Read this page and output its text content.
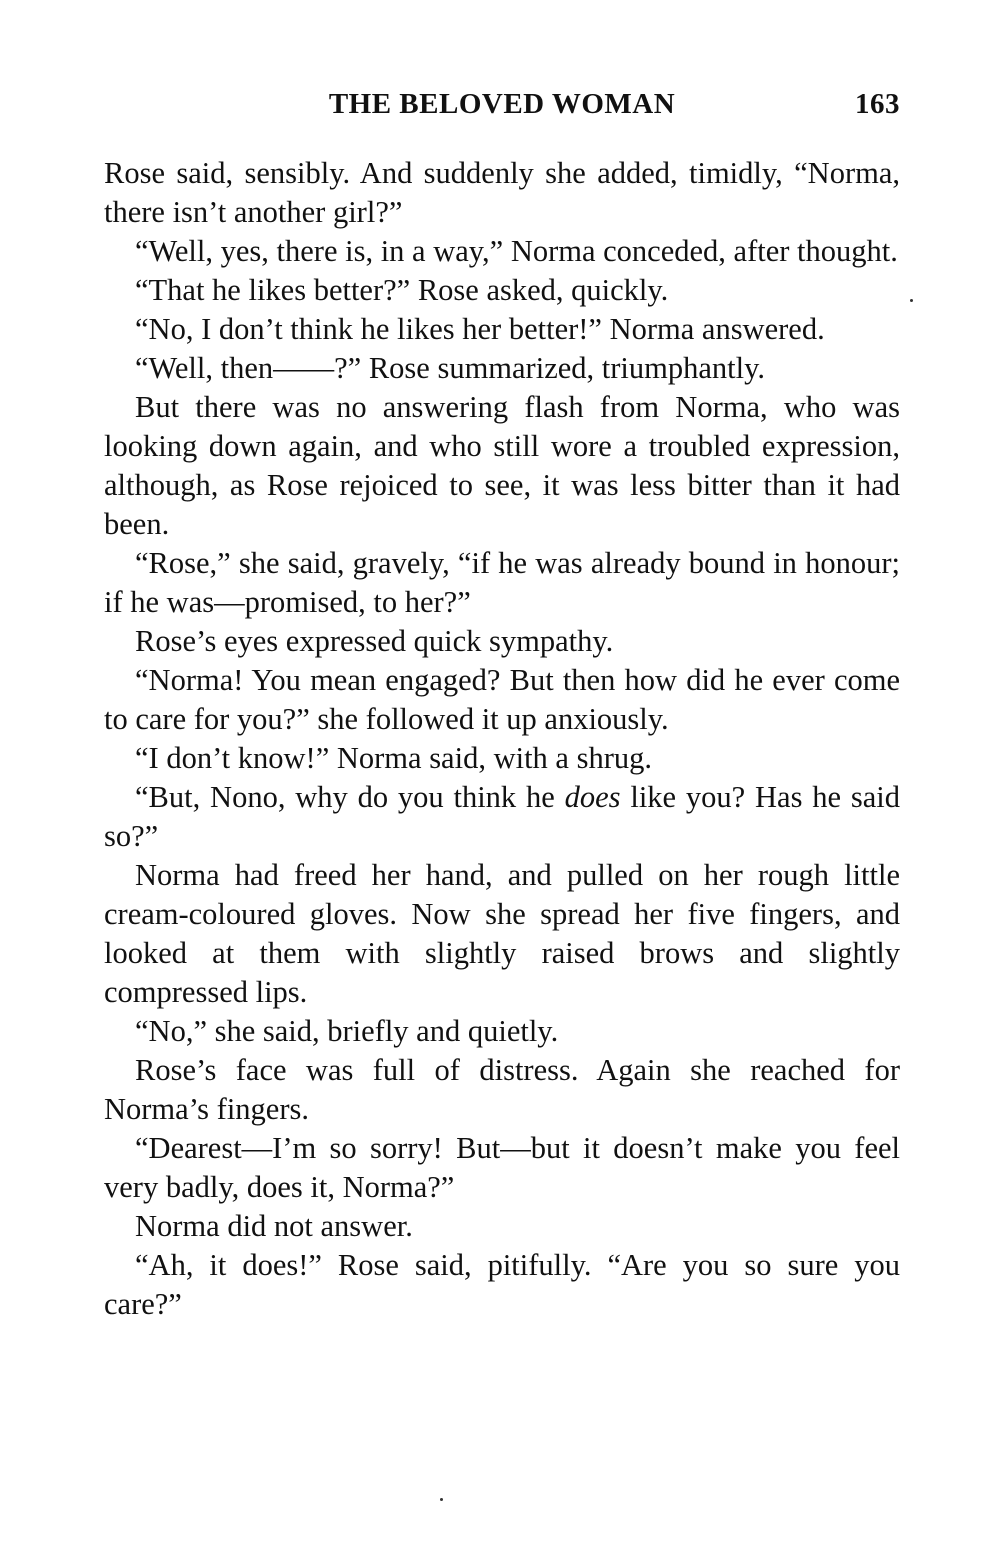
THE BELOVED WOMAN	163

Rose said, sensibly. And suddenly she added, timidly, “Norma, there isn’t another girl?”

“Well, yes, there is, in a way,” Norma conceded, after thought.

“That he likes better?” Rose asked, quickly.

“No, I don’t think he likes her better!” Norma answered.

“Well, then——?” Rose summarized, triumphantly.

But there was no answering flash from Norma, who was looking down again, and who still wore a troubled expression, although, as Rose rejoiced to see, it was less bitter than it had been.

“Rose,” she said, gravely, “if he was already bound in honour; if he was—promised, to her?”

Rose’s eyes expressed quick sympathy.

“Norma! You mean engaged? But then how did he ever come to care for you?” she followed it up anxiously.

“I don’t know!” Norma said, with a shrug.

“But, Nono, why do you think he does like you? Has he said so?”

Norma had freed her hand, and pulled on her rough little cream-coloured gloves. Now she spread her five fingers, and looked at them with slightly raised brows and slightly compressed lips.

“No,” she said, briefly and quietly.

Rose’s face was full of distress. Again she reached for Norma’s fingers.

“Dearest—I’m so sorry! But—but it doesn’t make you feel very badly, does it, Norma?”

Norma did not answer.

“Ah, it does!” Rose said, pitifully. “Are you so sure you care?”
